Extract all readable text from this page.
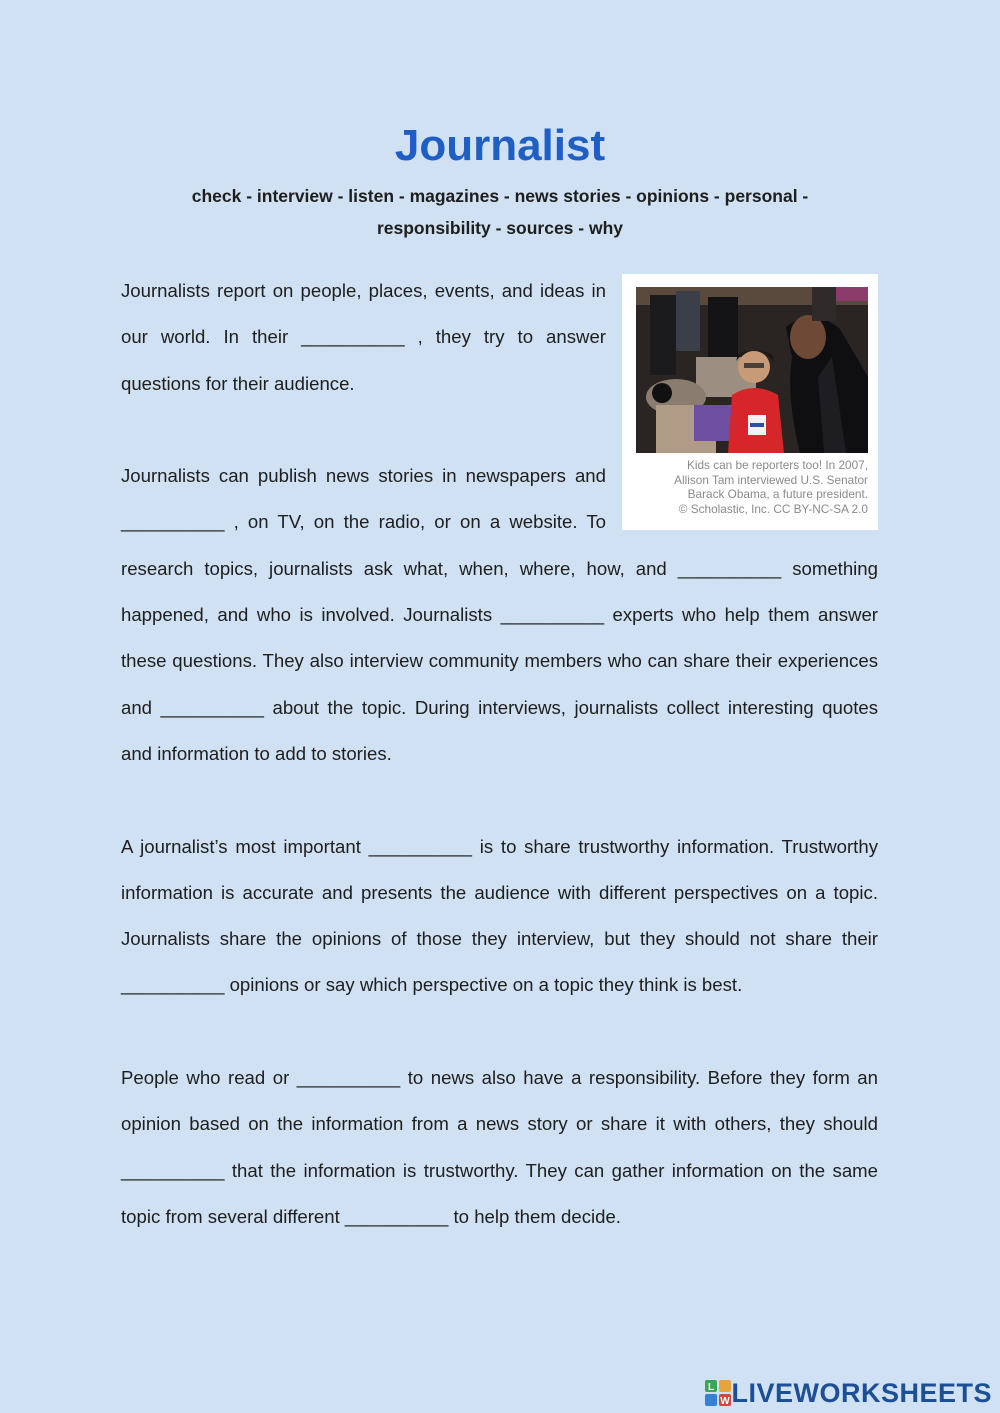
Journalist
check - interview - listen - magazines - news stories - opinions - personal -
responsibility - sources - why
Kids can be reporters too! In 2007,
Allison Tam interviewed U.S. Senator
Barack Obama, a future president.
© Scholastic, Inc. CC BY-NC-SA 2.0

Journalists report on people, places, events, and ideas in our world. In their __________ , they try to answer questions for their audience.

Journalists can publish news stories in newspapers and __________ , on TV, on the radio, or on a website. To research topics, journalists ask what, when, where, how, and __________ something happened, and who is involved. Journalists __________ experts who help them answer these questions. They also interview community members who can share their experiences and __________ about the topic. During interviews, journalists collect interesting quotes and information to add to stories.

A journalist’s most important __________ is to share trustworthy information. Trustworthy information is accurate and presents the audience with different perspectives on a topic. Journalists share the opinions of those they interview, but they should not share their __________ opinions or say which perspective on a topic they think is best.

People who read or __________ to news also have a responsibility. Before they form an opinion based on the information from a news story or share it with others, they should __________ that the information is trustworthy. They can gather information on the same topic from several different __________ to help them decide.

L
W LIVEWORKSHEETS
